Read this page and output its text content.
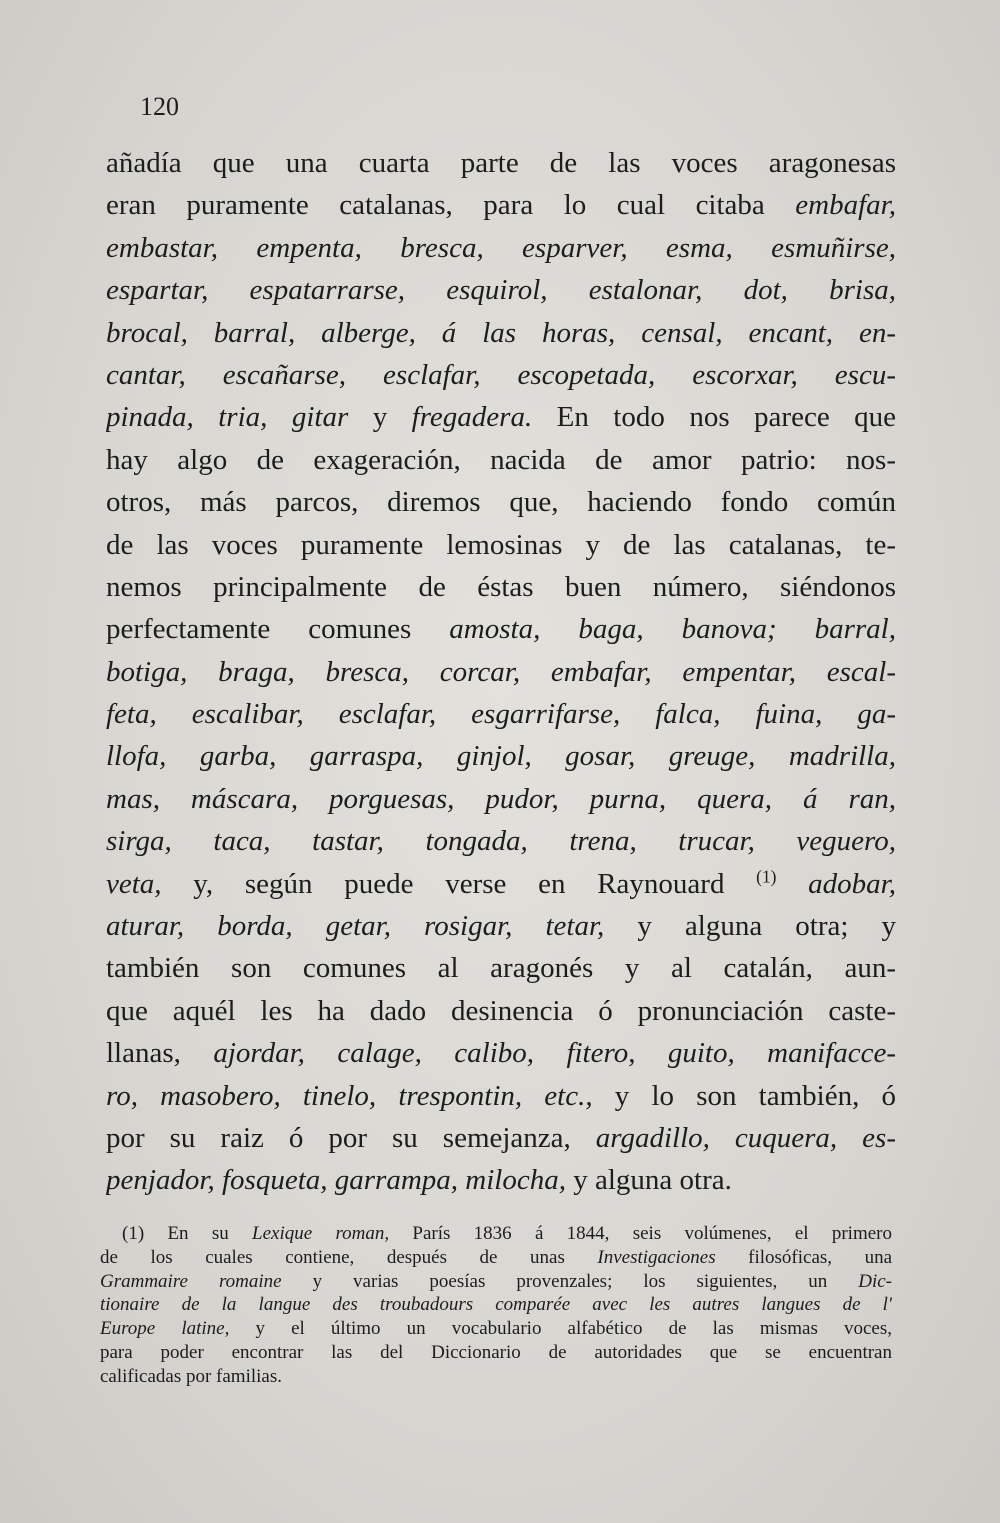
120
añadía que una cuarta parte de las voces aragonesas
eran puramente catalanas, para lo cual citaba embafar,
embastar, empenta, bresca, esparver, esma, esmuñirse,
espartar, espatarrarse, esquirol, estalonar, dot, brisa,
brocal, barral, alberge, á las horas, censal, encant, en-
cantar, escañarse, esclafar, escopetada, escorxar, escu-
pinada, tria, gitar y fregadera. En todo nos parece que
hay algo de exageración, nacida de amor patrio: nos-
otros, más parcos, diremos que, haciendo fondo común
de las voces puramente lemosinas y de las catalanas, te-
nemos principalmente de éstas buen número, siéndonos
perfectamente comunes amosta, baga, banova; barral,
botiga, braga, bresca, corcar, embafar, empentar, escal-
feta, escalibar, esclafar, esgarrifarse, falca, fuina, ga-
llofa, garba, garraspa, ginjol, gosar, greuge, madrilla,
mas, máscara, porguesas, pudor, purna, quera, á ran,
sirga, taca, tastar, tongada, trena, trucar, veguero,
veta, y, según puede verse en Raynouard $^{(1)}$ adobar,
aturar, borda, getar, rosigar, tetar, y alguna otra; y
también son comunes al aragonés y al catalán, aun-
que aquél les ha dado desinencia ó pronunciación caste-
llanas, ajordar, calage, calibo, fitero, guito, manifacce-
ro, masobero, tinelo, trespontin, etc., y lo son también, ó
por su raiz ó por su semejanza, argadillo, cuquera, es-
penjador, fosqueta, garrampa, milocha, y alguna otra.
(1) En su Lexique roman, París 1836 á 1844, seis volúmenes, el primero
de los cuales contiene, después de unas Investigaciones filosóficas, una
Grammaire romaine y varias poesías provenzales; los siguientes, un Dic-
tionaire de la langue des troubadours comparée avec les autres langues de l'
Europe latine, y el último un vocabulario alfabético de las mismas voces,
para poder encontrar las del Diccionario de autoridades que se encuentran
calificadas por familias.
